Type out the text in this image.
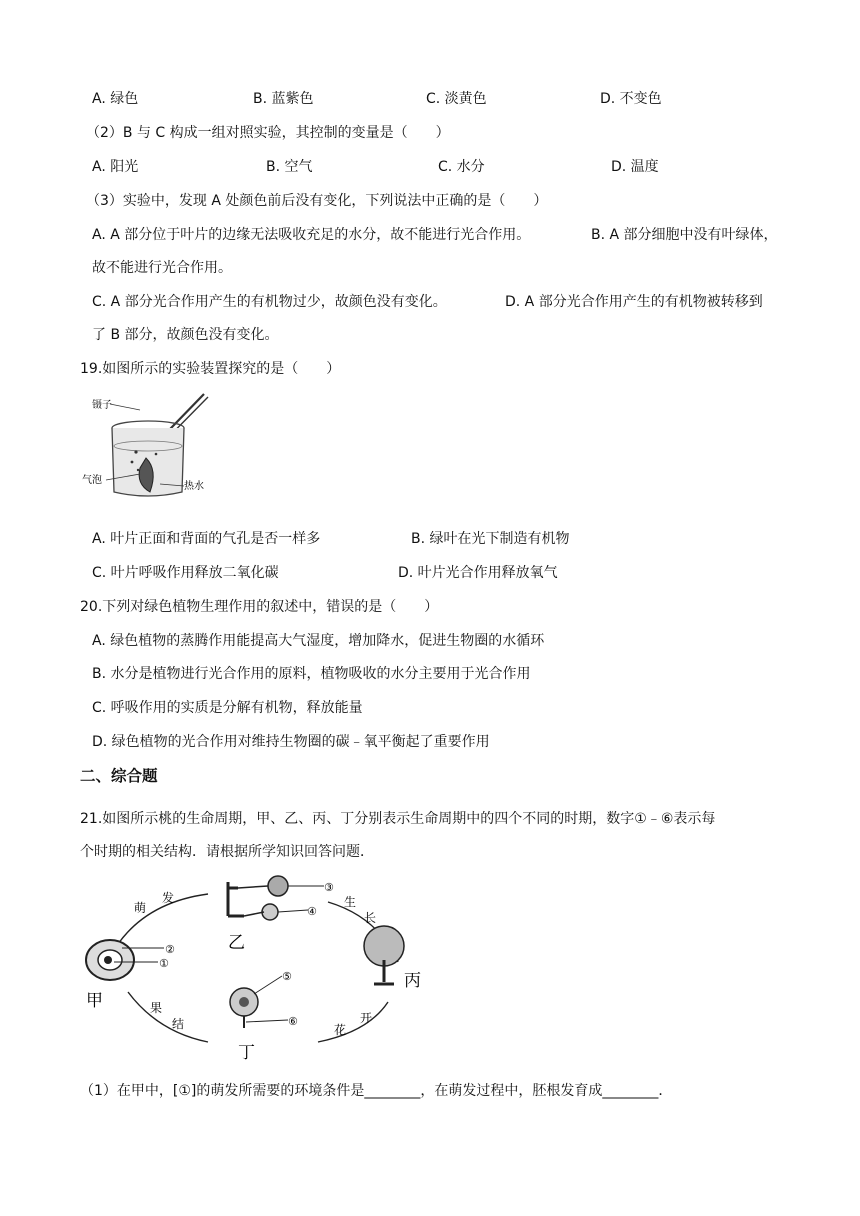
A. 绿色	B. 蓝紫色	C. 淡黄色	D. 不变色
（2）B 与 C 构成一组对照实验，其控制的变量是（　　）
A. 阳光	B. 空气	C. 水分	D. 温度
（3）实验中，发现 A 处颜色前后没有变化，下列说法中正确的是（　　）
A. A 部分位于叶片的边缘无法吸收充足的水分，故不能进行光合作用。	B. A 部分细胞中没有叶绿体，
故不能进行光合作用。
C. A 部分光合作用产生的有机物过少，故颜色没有变化。	D. A 部分光合作用产生的有机物被转移到
了 B 部分，故颜色没有变化。
19.如图所示的实验装置探究的是（　　）
镊子
气泡
热水
A. 叶片正面和背面的气孔是否一样多	B. 绿叶在光下制造有机物
C. 叶片呼吸作用释放二氧化碳	D. 叶片光合作用释放氧气
20.下列对绿色植物生理作用的叙述中，错误的是（　　）
A. 绿色植物的蒸腾作用能提高大气湿度，增加降水，促进生物圈的水循环
B. 水分是植物进行光合作用的原料，植物吸收的水分主要用于光合作用
C. 呼吸作用的实质是分解有机物，释放能量
D. 绿色植物的光合作用对维持生物圈的碳﹣氧平衡起了重要作用
二、综合题
21.如图所示桃的生命周期，甲、乙、丙、丁分别表示生命周期中的四个不同的时期，数字①﹣⑥表示每
个时期的相关结构．请根据所学知识回答问题．
萌
发	生
长
花
开
果
结
②
①
甲
③
④
乙
丙
⑤
⑥
丁
（1）在甲中，[①]的萌发所需要的环境条件是________，在萌发过程中，胚根发育成________．
